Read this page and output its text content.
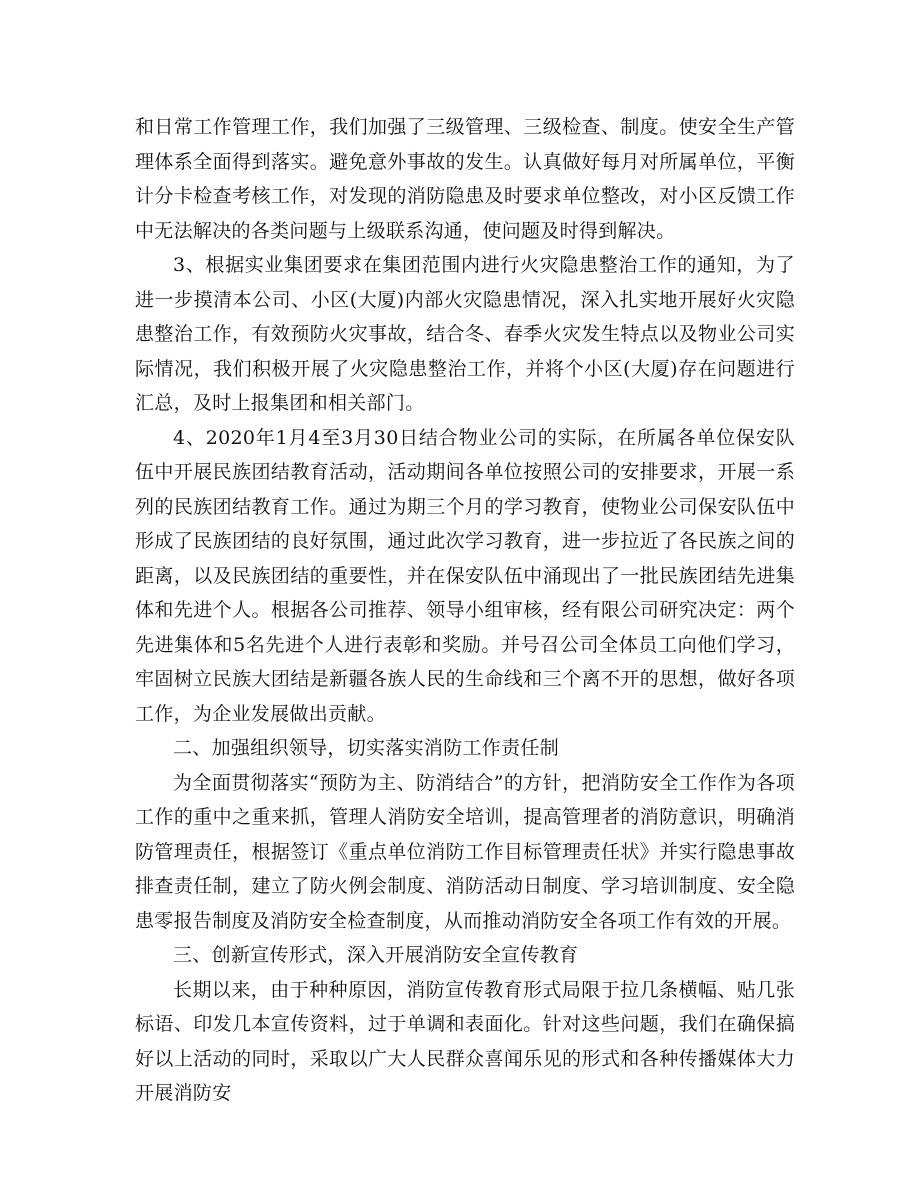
和日常工作管理工作，我们加强了三级管理、三级检查、制度。使安全生产管理体系全面得到落实。避免意外事故的发生。认真做好每月对所属单位，平衡计分卡检查考核工作，对发现的消防隐患及时要求单位整改，对小区反馈工作中无法解决的各类问题与上级联系沟通，使问题及时得到解决。

3、根据实业集团要求在集团范围内进行火灾隐患整治工作的通知，为了进一步摸清本公司、小区(大厦)内部火灾隐患情况，深入扎实地开展好火灾隐患整治工作，有效预防火灾事故，结合冬、春季火灾发生特点以及物业公司实际情况，我们积极开展了火灾隐患整治工作，并将个小区(大厦)存在问题进行汇总，及时上报集团和相关部门。

4、2020年1月4至3月30日结合物业公司的实际，在所属各单位保安队伍中开展民族团结教育活动，活动期间各单位按照公司的安排要求，开展一系列的民族团结教育工作。通过为期三个月的学习教育，使物业公司保安队伍中形成了民族团结的良好氛围，通过此次学习教育，进一步拉近了各民族之间的距离，以及民族团结的重要性，并在保安队伍中涌现出了一批民族团结先进集体和先进个人。根据各公司推荐、领导小组审核，经有限公司研究决定：两个先进集体和5名先进个人进行表彰和奖励。并号召公司全体员工向他们学习，牢固树立民族大团结是新疆各族人民的生命线和三个离不开的思想，做好各项工作，为企业发展做出贡献。

二、加强组织领导，切实落实消防工作责任制

为全面贯彻落实“预防为主、防消结合”的方针，把消防安全工作作为各项工作的重中之重来抓，管理人消防安全培训，提高管理者的消防意识，明确消防管理责任，根据签订《重点单位消防工作目标管理责任状》并实行隐患事故排查责任制，建立了防火例会制度、消防活动日制度、学习培训制度、安全隐患零报告制度及消防安全检查制度，从而推动消防安全各项工作有效的开展。

三、创新宣传形式，深入开展消防安全宣传教育

长期以来，由于种种原因，消防宣传教育形式局限于拉几条横幅、贴几张标语、印发几本宣传资料，过于单调和表面化。针对这些问题，我们在确保搞好以上活动的同时，采取以广大人民群众喜闻乐见的形式和各种传播媒体大力开展消防安
